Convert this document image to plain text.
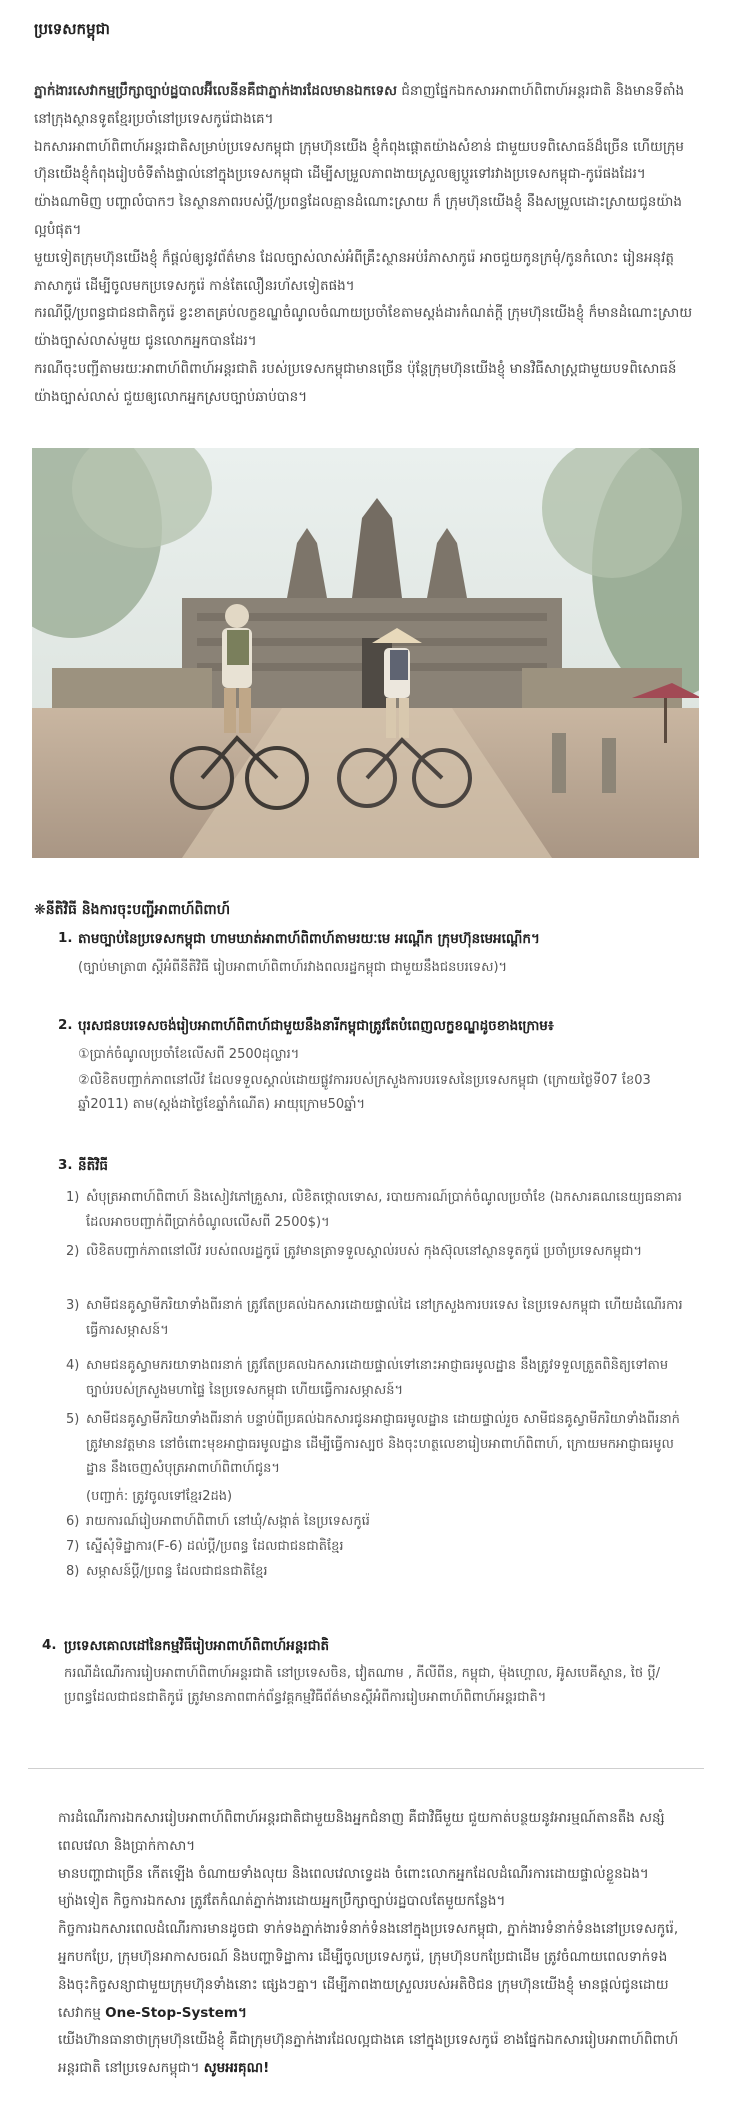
ប្រទេសកម្ពុជា

ភ្នាក់ងារសេវាកម្មប្រឹក្សាច្បាប់ដ្ឋបាលអ៊ីលេនីនគឺជាភ្នាក់ងារដែលមានឯកទេស ជំនាញផ្នែកឯកសារអាពាហ៍ពិពាហ៍អន្តរជាតិ និងមានទីតាំងនៅក្រុងស្ថានទូតខ្មែរប្រចាំនៅប្រទេសកូរ៉េជាងគេ។

ឯកសារអាពាហ៍ពិពាហ៍អន្តរជាតិសម្រាប់ប្រទេសកម្ពុជា ក្រុមហ៊ុនយើង ខ្ញុំកំពុងផ្ដោតយ៉ាងសំខាន់ ជាមួយបទពិសោធន៍ដ៏ច្រើន ហើយក្រុមហ៊ុនយើងខ្ញុំកំពុងរៀបចំទីតាំងផ្ទាល់នៅក្នុងប្រទេសកម្ពុជា ដើម្បីសម្រួលភាពងាយស្រួលឲ្យប្តូរទៅរវាងប្រទេសកម្ពុជា-កូរ៉េផងដែរ។

យ៉ាងណាមិញ បញ្ហាលំបាកៗ នៃស្ថានភាពរបស់ប្ដី/ប្រពន្ធដែលគ្មានដំណោះស្រាយ ក៏ ក្រុមហ៊ុនយើងខ្ញុំ នឹងសម្រួលដោះស្រាយជូនយ៉ាងល្អបំផុត។

មួយទៀតក្រុមហ៊ុនយើងខ្ញុំ ក៏ផ្ដល់ឲ្យនូវព័ត៌មាន ដែលច្បាស់លាស់អំពីគ្រឹះស្ថានអប់រំភាសាកូរ៉េ អាចជួយកូនក្រមុំ/កូនកំលោះ រៀនអនុវត្តភាសាកូរ៉េ ដើម្បីចូលមកប្រទេសកូរ៉េ កាន់តែលឿនរហ័សទៀតផង។

ករណីប្ដី/ប្រពន្ធជាជនជាតិកូរ៉េ ខ្វះខាតគ្រប់លក្ខខណ្ឌចំណូលចំណាយប្រចាំខែតាមស្តង់ដារកំណត់ក្តី ក្រុមហ៊ុនយើងខ្ញុំ ក៏មានដំណោះស្រាយយ៉ាងច្បាស់លាស់មួយ ជូនលោកអ្នកបានដែរ។

ករណីចុះបញ្ជីតាមរយៈអាពាហ៍ពិពាហ៍អន្តរជាតិ របស់ប្រទេសកម្ពុជាមានច្រើន ប៉ុន្តែក្រុមហ៊ុនយើងខ្ញុំ មានវិធីសាស្ត្រជាមួយបទពិសោធន៍យ៉ាងច្បាស់លាស់ ជួយឲ្យលោកអ្នកស្របច្បាប់ឆាប់បាន។

❋នីតិវិធី និងការចុះបញ្ជីអាពាហ៍ពិពាហ៍
1. តាមច្បាប់នៃប្រទេសកម្ពុជា ហាមឃាត់អាពាហ៍ពិពាហ៍តាមរយៈមេ អណ្ដើក ក្រុមហ៊ុនមេអណ្ដើក។
(ច្បាប់មាត្រា៣ ស្ដីអំពីនីតិវិធី រៀបអាពាហ៍ពិពាហ៍រវាងពលរដ្ឋកម្ពុជា ជាមួយនឹងជនបរទេស)។
2. បុរសជនបរទេសចង់រៀបអាពាហ៍ពិពាហ៍ជាមួយនឹងនារីកម្ពុជាត្រូវតែបំពេញលក្ខខណ្ឌដូចខាងក្រោម៖
①ប្រាក់ចំណូលប្រចាំខែលើសពី 2500ដុល្លារ។
②លិខិតបញ្ជាក់ភាពនៅលីវ ដែលទទួលស្គាល់ដោយផ្លូវការរបស់ក្រសួងការបរទេសនៃប្រទេសកម្ពុជា (ក្រោយថ្ងៃទី07 ខែ03 ឆ្នាំ2011) តាម(ស្តង់ដាថ្ងៃខែឆ្នាំកំណើត) អាយុក្រោម50ឆ្នាំ។
3. នីតិវិធី
1) សំបុត្រអាពាហ៍ពិពាហ៍ និងសៀវភៅគ្រួសារ, លិខិតថ្កោលទោស, របាយការណ៍ប្រាក់ចំណូលប្រចាំខែ (ឯកសារគណនេយ្យធនាគារដែលអាចបញ្ជាក់ពីប្រាក់ចំណូលលើសពី 2500$)។
2) លិខិតបញ្ជាក់ភាពនៅលីវ របស់ពលរដ្ឋកូរ៉េ ត្រូវមានត្រាទទួលស្គាល់របស់ កុងស៊ុលនៅស្ថានទូតកូរ៉េ ប្រចាំប្រទេសកម្ពុជា។
3) សាមីជនគូស្វាមីភរិយាទាំងពីរនាក់ ត្រូវតែប្រគល់ឯកសារដោយផ្ទាល់ដៃ នៅក្រសួងការបរទេស នៃប្រទេសកម្ពុជា ហើយដំណើរការធ្វើការសម្ភាសន៍។
4) សាមជនគូស្វាមភរយាទាងពរនាក់ ត្រូវតែប្រគលឯកសារដោយផ្ទាល់ទៅនោះអាជ្ញាធរមូលដ្ឋាន នឹងត្រូវទទួលត្រួតពិនិត្យទៅតាមច្បាប់របស់ក្រសួងមហាផ្ទៃ នៃប្រទេសកម្ពុជា ហើយធ្វើការសម្ភាសន៍។
5) សាមីជនគូស្វាមីភរិយាទាំងពីរនាក់ បន្ទាប់ពីប្រគល់ឯកសារជូនអាជ្ញាធរមូលដ្ឋាន ដោយផ្ទាល់រួច សាមីជនគូស្វាមីភរិយាទាំងពីរនាក់ ត្រូវមានវត្តមាន នៅចំពោះមុខអាជ្ញាធរមូលដ្ឋាន ដើម្បីធ្វើការស្បថ និងចុះហត្ថលេខារៀបអាពាហ៍ពិពាហ៍, ក្រោយមកអាជ្ញាធរមូលដ្ឋាន នឹងចេញសំបុត្រអាពាហ៍ពិពាហ៍ជូន។
(បញ្ជាក់: ត្រូវចូលទៅខ្មែរ2ដង)
6) រាយការណ៍រៀបអាពាហ៍ពិពាហ៍ នៅឃុំ/សង្កាត់ នៃប្រទេសកូរ៉េ
7) ស្នើសុំទិដ្ឋាការ(F-6) ដល់ប្ដី/ប្រពន្ធ ដែលជាជនជាតិខ្មែរ
8) សម្ភាសន៍ប្ដី/ប្រពន្ធ ដែលជាជនជាតិខ្មែរ
4. ប្រទេសគោលដៅនៃកម្មវិធីរៀបអាពាហ៍ពិពាហ៍អន្តរជាតិ
ករណីដំណើរការរៀបអាពាហ៍ពិពាហ៍អន្តរជាតិ នៅប្រទេសចិន, វៀតណាម , ភីលីពីន, កម្ពុជា, ម៉ុងហ្គោល, អ៊ូសបេគីស្ថាន, ថៃ ប្ដី/ប្រពន្ធដែលជាជនជាតិកូរ៉េ ត្រូវមានភាពពាក់ព័ន្ធវគ្គកម្មវិធីព័ត៌មានស្ដីអំពីការរៀបអាពាហ៍ពិពាហ៍អន្តរជាតិ។

ការដំណើរការឯកសាររៀបអាពាហ៍ពិពាហ៍អន្តរជាតិជាមួយនិងអ្នកជំនាញ គឺជាវិធីមួយ ជួយកាត់បន្ថយនូវអារម្មណ៍តានតឹង សន្សំពេលវេលា និងប្រាក់កាសា។

មានបញ្ហាជាច្រើន កើតឡើង ចំណាយទាំងលុយ និងពេលវេលាទ្វេដង ចំពោះលោកអ្នកដែលដំណើរការដោយផ្ទាល់ខ្លួនឯង។

ម្យ៉ាងទៀត កិច្ចការឯកសារ ត្រូវតែកំណត់ភ្នាក់ងារដោយអ្នកប្រឹក្សាច្បាប់រដ្ឋបាលតែមួយកន្លែង។

កិច្ចការឯកសារពេលដំណើរការមានដូចជា ទាក់ទងភ្នាក់ងារទំនាក់ទំនងនៅក្នុងប្រទេសកម្ពុជា, ភ្នាក់ងារទំនាក់ទំនងនៅប្រទេសកូរ៉េ, អ្នកបកប្រែ, ក្រុមហ៊ុនអាកាសចរណ៍ និងបញ្ហាទិដ្ឋាការ ដើម្បីចូលប្រទេសកូរ៉េ, ក្រុមហ៊ុនបកប្រែជាដើម ត្រូវចំណាយពេលទាក់ទង និងចុះកិច្ចសន្យាជាមួយក្រុមហ៊ុនទាំងនោះ ផ្សេងៗគ្នា។ ដើម្បីភាពងាយស្រួលរបស់អតិថិជន ក្រុមហ៊ុនយើងខ្ញុំ មានផ្ដល់ជូនដោយសេវាកម្ម One-Stop-System។

យើងហ៊ានធានាថាក្រុមហ៊ុនយើងខ្ញុំ គឺជាក្រុមហ៊ុនភ្នាក់ងារដែលល្អជាងគេ នៅក្នុងប្រទេសកូរ៉េ ខាងផ្នែកឯកសាររៀបអាពាហ៍ពិពាហ៍អន្តរជាតិ នៅប្រទេសកម្ពុជា។ សូមអរគុណ!
